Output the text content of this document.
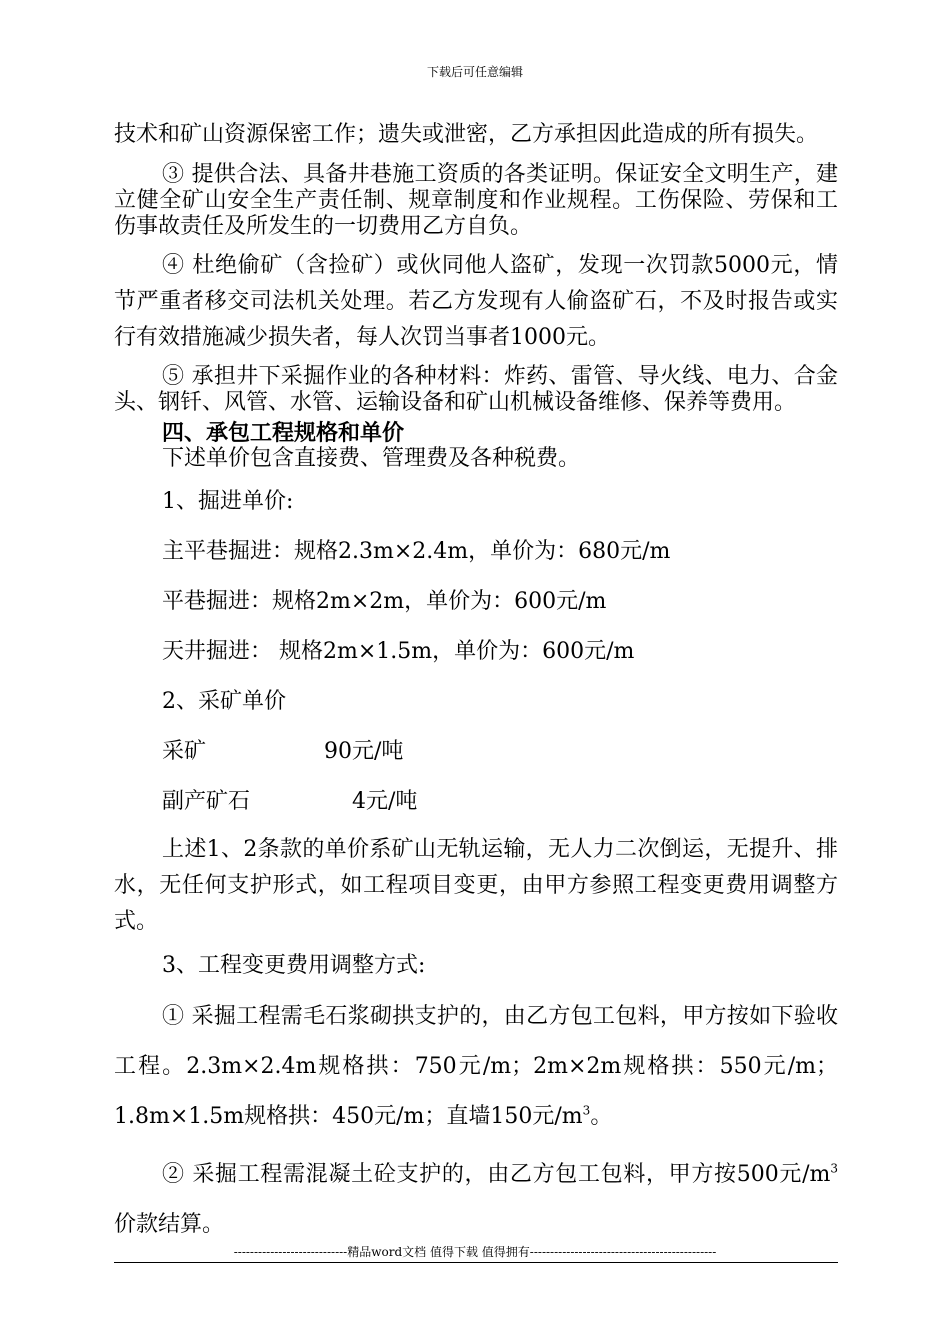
下载后可任意编辑

技术和矿山资源保密工作；遗失或泄密，乙方承担因此造成的所有损失。

③ 提供合法、具备井巷施工资质的各类证明。保证安全文明生产，建立健全矿山安全生产责任制、规章制度和作业规程。工伤保险、劳保和工伤事故责任及所发生的一切费用乙方自负。

④ 杜绝偷矿（含捡矿）或伙同他人盗矿，发现一次罚款5000元，情节严重者移交司法机关处理。若乙方发现有人偷盗矿石，不及时报告或实行有效措施减少损失者，每人次罚当事者1000元。

⑤ 承担井下采掘作业的各种材料：炸药、雷管、导火线、电力、合金头、钢钎、风管、水管、运输设备和矿山机械设备维修、保养等费用。

四、承包工程规格和单价

下述单价包含直接费、管理费及各种税费。

1、掘进单价:

主平巷掘进：规格2.3m×2.4m，单价为：680元/m

平巷掘进：规格2m×2m，单价为：600元/m

天井掘进： 规格2m×1.5m，单价为：600元/m

2、采矿单价

采矿	90元/吨
副产矿石	4元/吨

上述1、2条款的单价系矿山无轨运输，无人力二次倒运，无提升、排水，无任何支护形式，如工程项目变更，由甲方参照工程变更费用调整方式。

3、工程变更费用调整方式:

① 采掘工程需毛石浆砌拱支护的，由乙方包工包料，甲方按如下验收工程。2.3m×2.4m规格拱：750元/m；2m×2m规格拱：550元/m；1.8m×1.5m规格拱：450元/m；直墙150元$/m^3$。

② 采掘工程需混凝土砼支护的，由乙方包工包料，甲方按500元$/m^3$价款结算。

----------------------------精品word文档 值得下载 值得拥有----------------------------------------------
